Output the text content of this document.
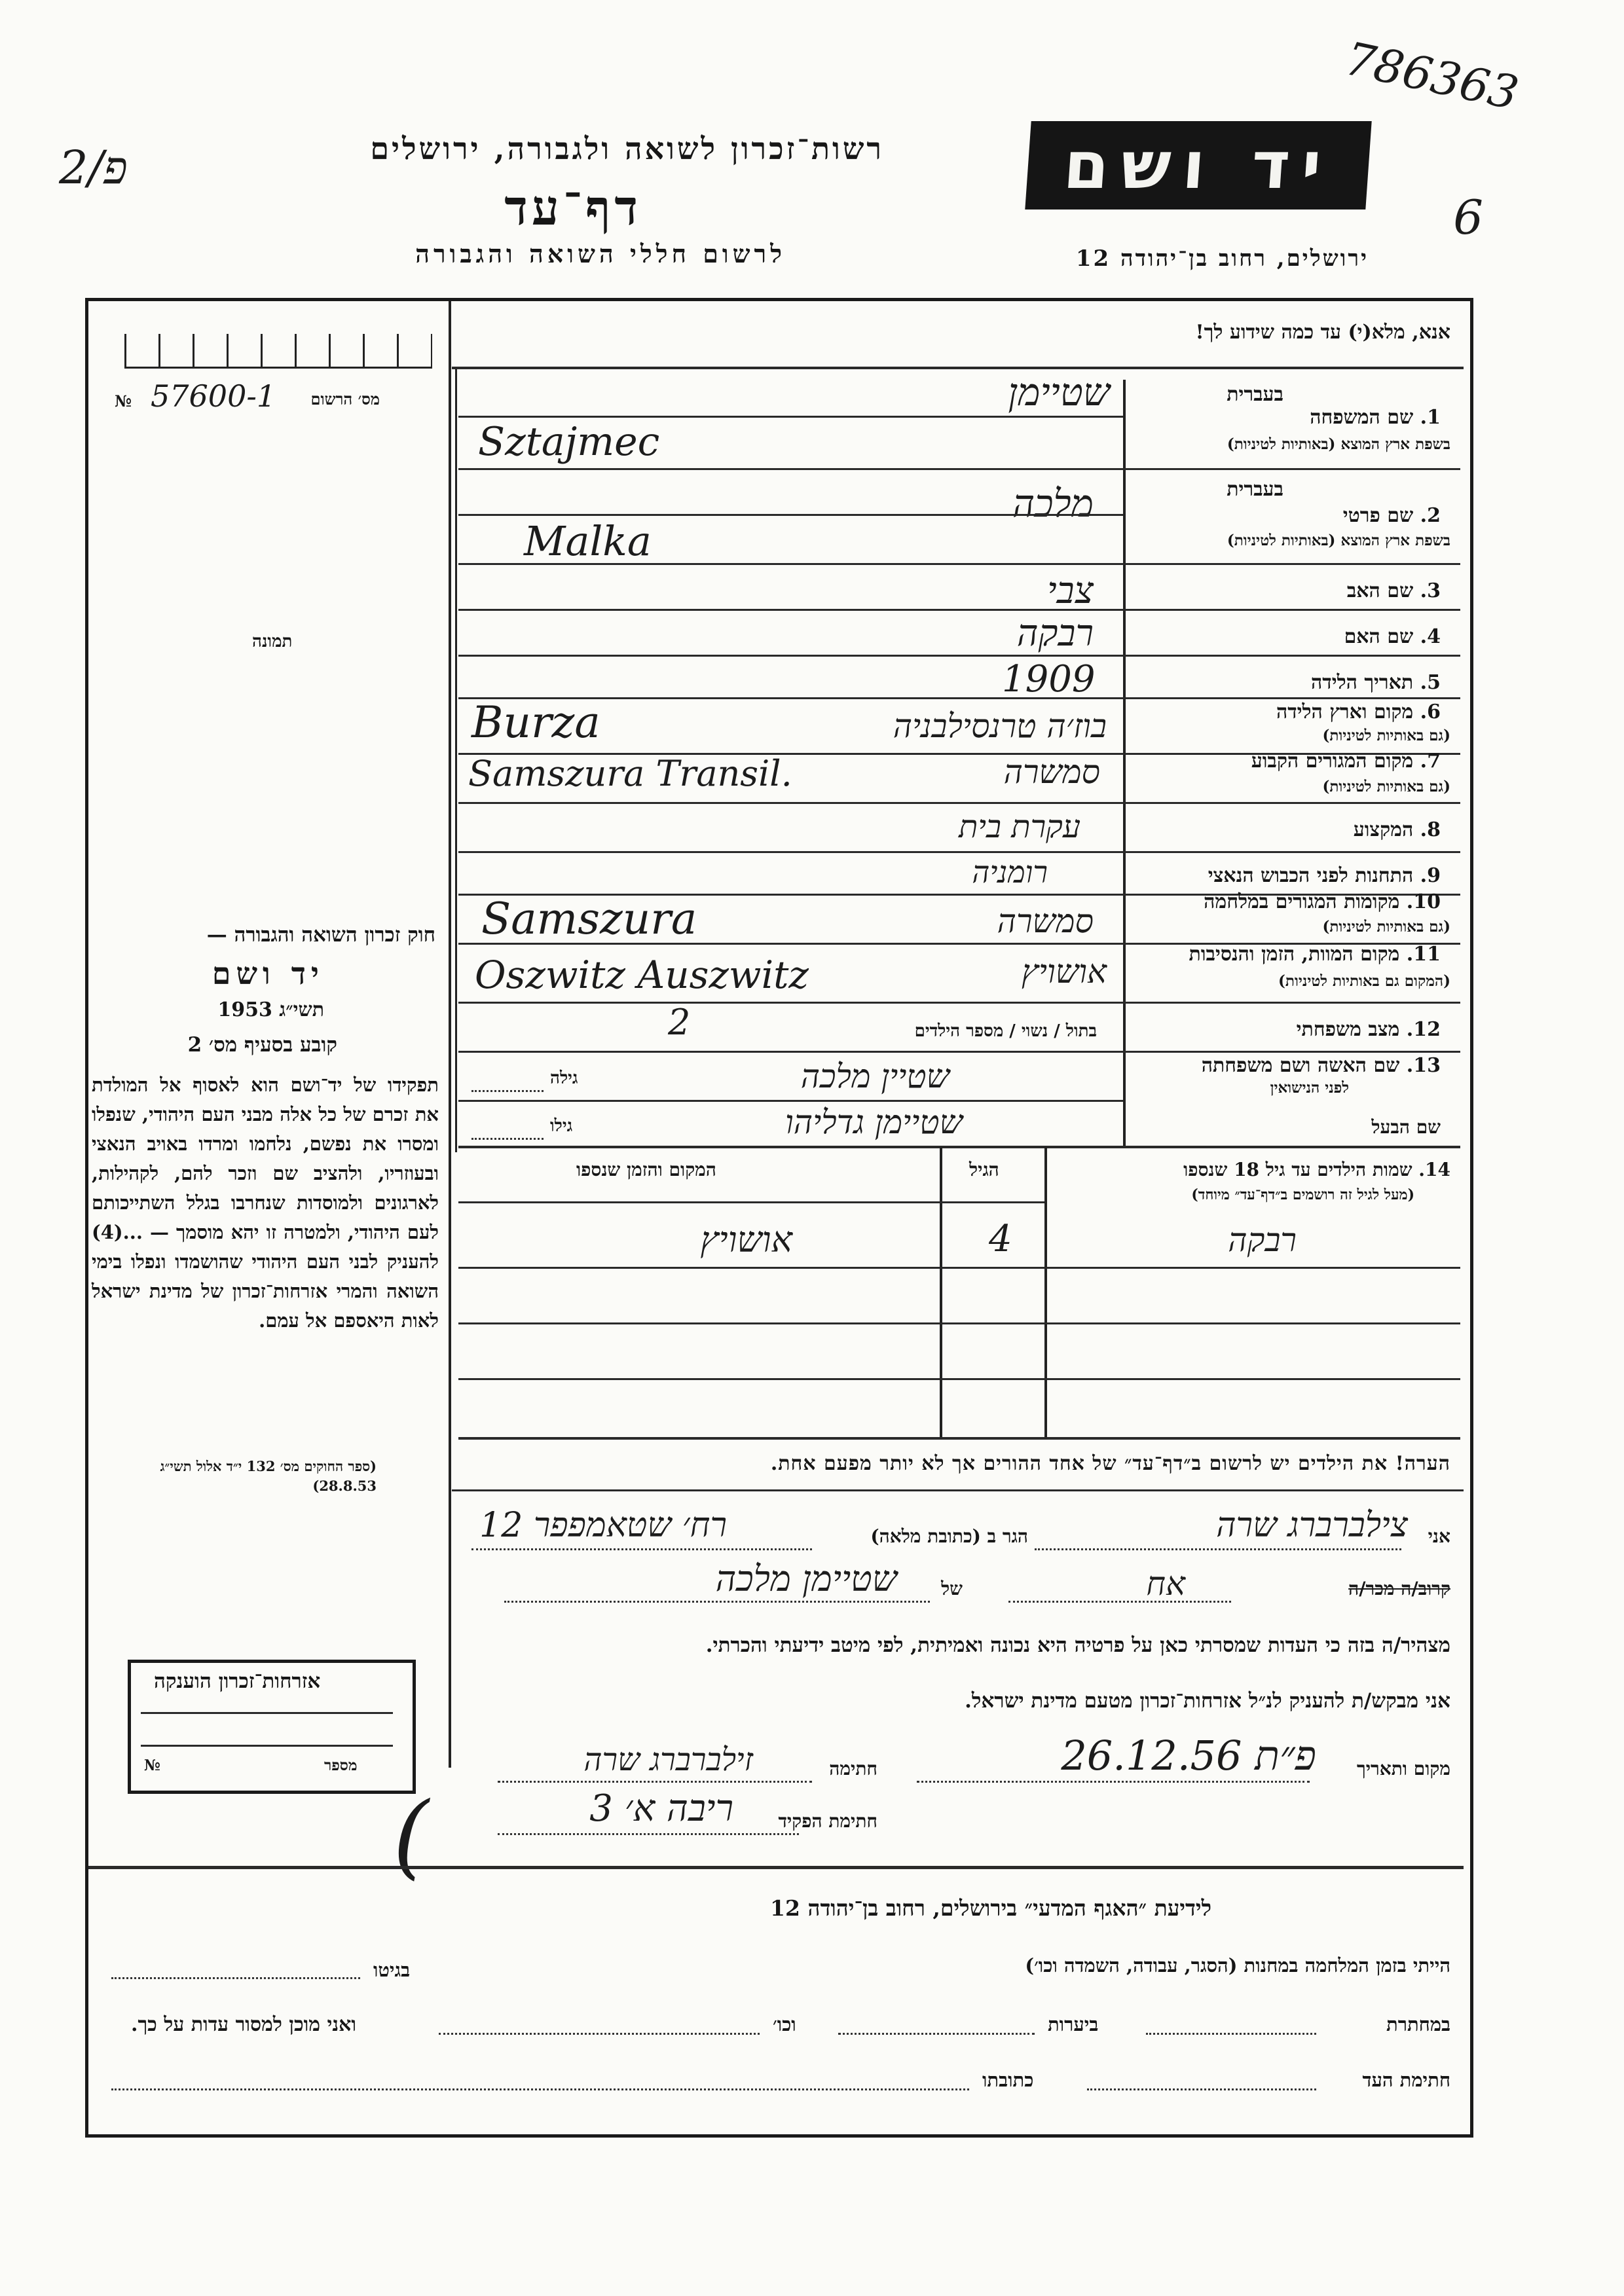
786363
6
פ/2	רשות־זכרון לשואה ולגבורה, ירושלים
דף־עד
לרשום חללי השואה והגבורה
יד ושם
ירושלים, רחוב בן־יהודה 12
אנא, מלא(י) עד כמה שידוע לך!
מס׳ הרשום
57600-1
№
תמונה
בעברית
1. שם המשפחה
בשפת ארץ המוצא (באותיות לטיניות)
שטיימן
Sztajmec
בעברית
2. שם פרטי
בשפת ארץ המוצא (באותיות לטיניות)
מלכה
Malka
3. שם האב
צבי
4. שם האם
רבקה
5. תאריך הלידה
1909
6. מקום וארץ הלידה
(גם באותיות לטיניות)
בוז׳ה טרנסילבניה
Burza
7. מקום המגורים הקבוע
(גם באותיות לטיניות)
סמשרה
Samszura Transil.
8. המקצוע
עקרת בית
9. התחנות לפני הכבוש הנאצי
רומניה
10. מקומות המגורים במלחמה
(גם באותיות לטיניות)
סמשרה
Samszura
11. מקום המוות, הזמן והנסיבות
(המקום גם באותיות לטיניות)
אושויץ
Oszwitz Auszwitz
12. מצב משפחתי
בתול / נשוי / מספר הילדים
2
13. שם האשה ושם משפחתה
לפני הנישואין
שטיין מלכה
גילה
שם הבעל
שטיימן גדליהו
גילו
14. שמות הילדים עד גיל 18 שנספו
(מעל לגיל זה רושמים ב״דף־עד״ מיוחד)
הגיל
המקום והזמן שנספו
רבקה
4
אושויץ
הערה! את הילדים יש לרשום ב״דף־עד״ של אחד ההורים אך לא יותר מפעם אחת.
אני
צילברברג שרה
הגר ב (כתובת מלאה)
רח׳ שטאמפפר 12
קרוב/ה מכר/ה
אח
של
שטיימן מלכה
מצהיר/ה בזה כי העדות שמסרתי כאן על פרטיה היא נכונה ואמיתית, לפי מיטב ידיעתי והכרתי.
אני מבקש/ת להעניק לנ״ל אזרחות־זכרון מטעם מדינת ישראל.
מקום ותאריך
פ״ת 26.12.56
חתימה
זילברברג שרה
חתימת הפקיד
ריבה א׳ 3
(
חוק זכרון השואה והגבורה —
יד ושם
תשי״ג 1953
קובע בסעיף מס׳ 2
תפקידו של יד־ושם הוא לאסוף אל המולדת את זכרם של כל אלה מבני העם היהודי, שנפלו ומסרו את נפשם, נלחמו ומרדו באויב הנאצי ובעוזריו, ולהציב שם וזכר להם, לקהילות, לארגונים ולמוסדות שנחרבו בגלל השתייכותם לעם היהודי, ולמטרה זו יהא מוסמך — ...(4) להעניק לבני העם היהודי שהושמדו ונפלו בימי השואה והמרי אזרחות־זכרון של מדינת ישראל לאות היאספם אל עמם.
(ספר החוקים מס׳ 132 י״ד אלול תשי״ג 28.8.53)
אזרחות־זכרון הוענקה
מספר
№
לידיעת ״האגף המדעי״ בירושלים, רחוב בן־יהודה 12
הייתי בזמן המלחמה במחנות (הסגר, עבודה, השמדה וכו׳)
בגיטו
במחתרת
ביערות
וכו׳
ואני מוכן למסור עדות על כך.
חתימת העד
כתובתו
